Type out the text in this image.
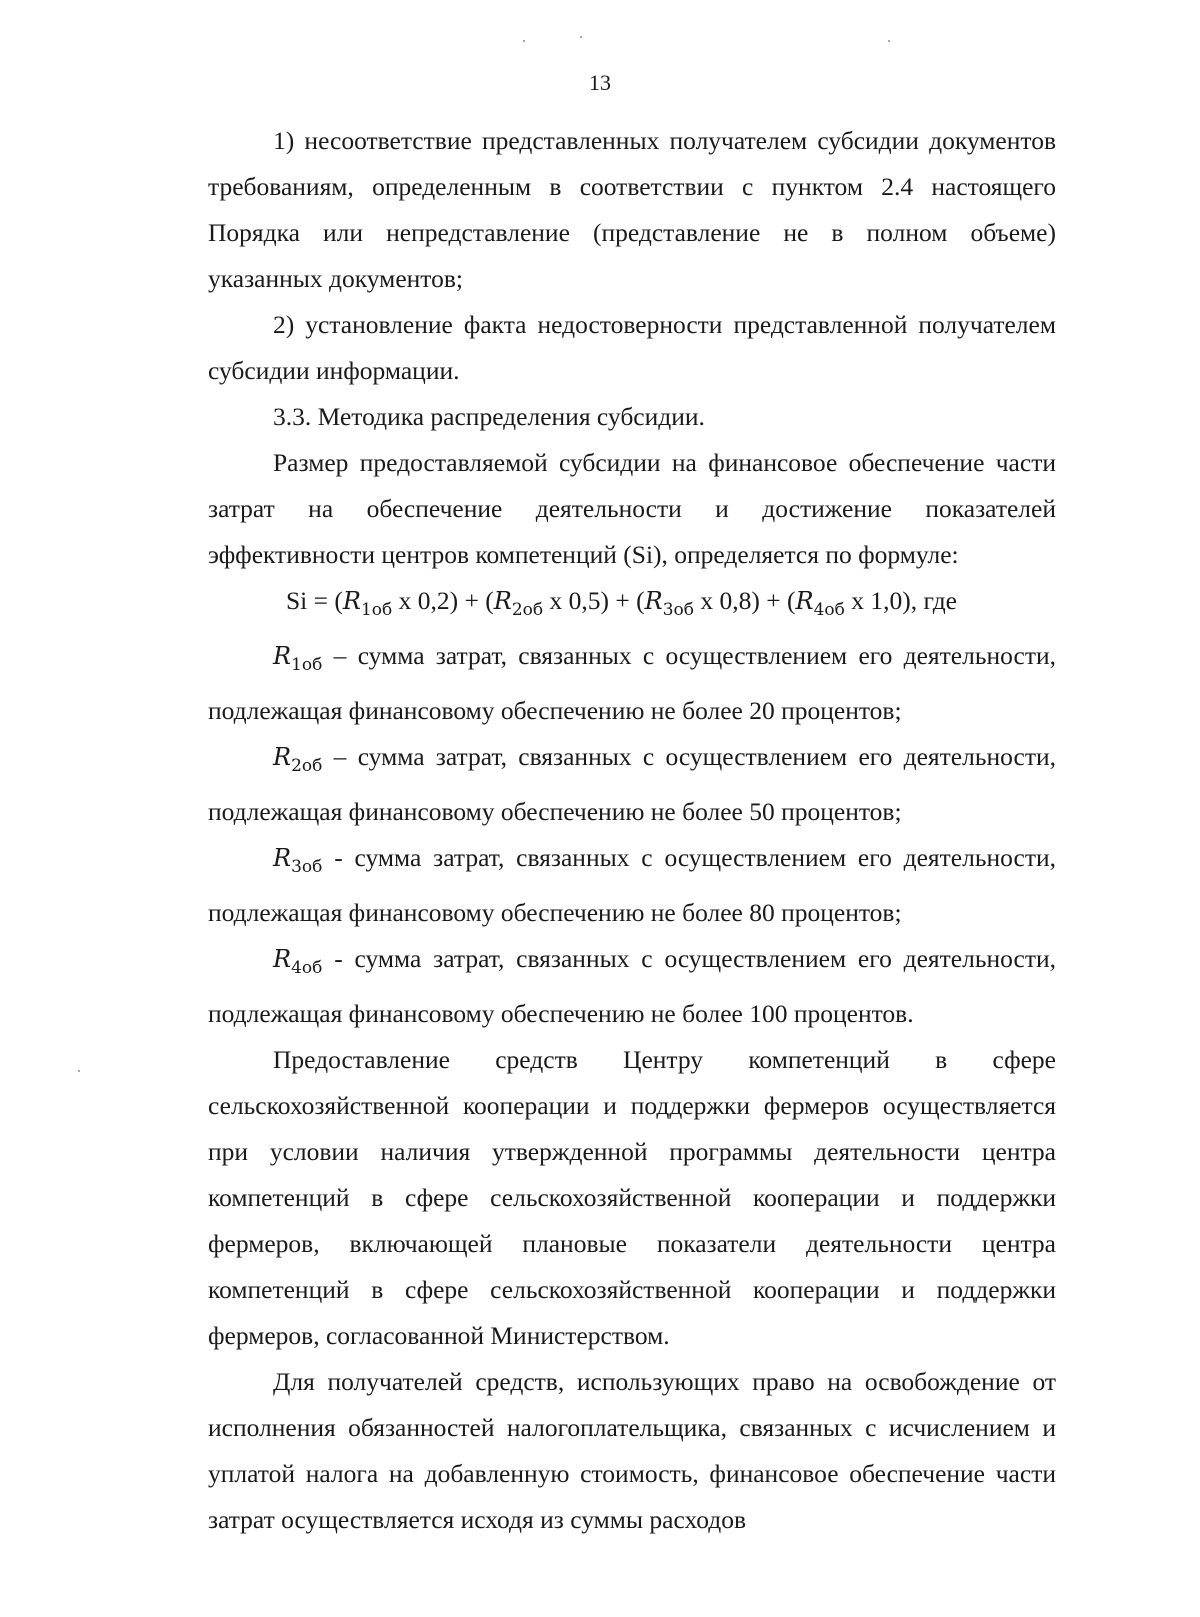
13

1) несоответствие представленных получателем субсидии документов требованиям, определенным в соответствии с пунктом 2.4 настоящего Порядка или непредставление (представление не в полном объеме) указанных документов;

2) установление факта недостоверности представленной получателем субсидии информации.

3.3. Методика распределения субсидии.

Размер предоставляемой субсидии на финансовое обеспечение части затрат на обеспечение деятельности и достижение показателей эффективности центров компетенций (Si), определяется по формуле:

$Si = (R_{1об}$ x $0,2) + (R_{2об}$ x $0,5) + (R_{3об}$ x $0,8) + (R_{4об}$ x 1,0), где

$R_{1об}$ – сумма затрат, связанных с осуществлением его деятельности, подлежащая финансовому обеспечению не более 20 процентов;

$R_{2об}$ – сумма затрат, связанных с осуществлением его деятельности, подлежащая финансовому обеспечению не более 50 процентов;

$R_{3об}$ - сумма затрат, связанных с осуществлением его деятельности, подлежащая финансовому обеспечению не более 80 процентов;

$R_{4об}$ - сумма затрат, связанных с осуществлением его деятельности, подлежащая финансовому обеспечению не более 100 процентов.

Предоставление средств Центру компетенций в сфере сельскохозяйственной кооперации и поддержки фермеров осуществляется при условии наличия утвержденной программы деятельности центра компетенций в сфере сельскохозяйственной кооперации и поддержки фермеров, включающей плановые показатели деятельности центра компетенций в сфере сельскохозяйственной кооперации и поддержки фермеров, согласованной Министерством.

Для получателей средств, использующих право на освобождение от исполнения обязанностей налогоплательщика, связанных с исчислением и уплатой налога на добавленную стоимость, финансовое обеспечение части затрат осуществляется исходя из суммы расходов
